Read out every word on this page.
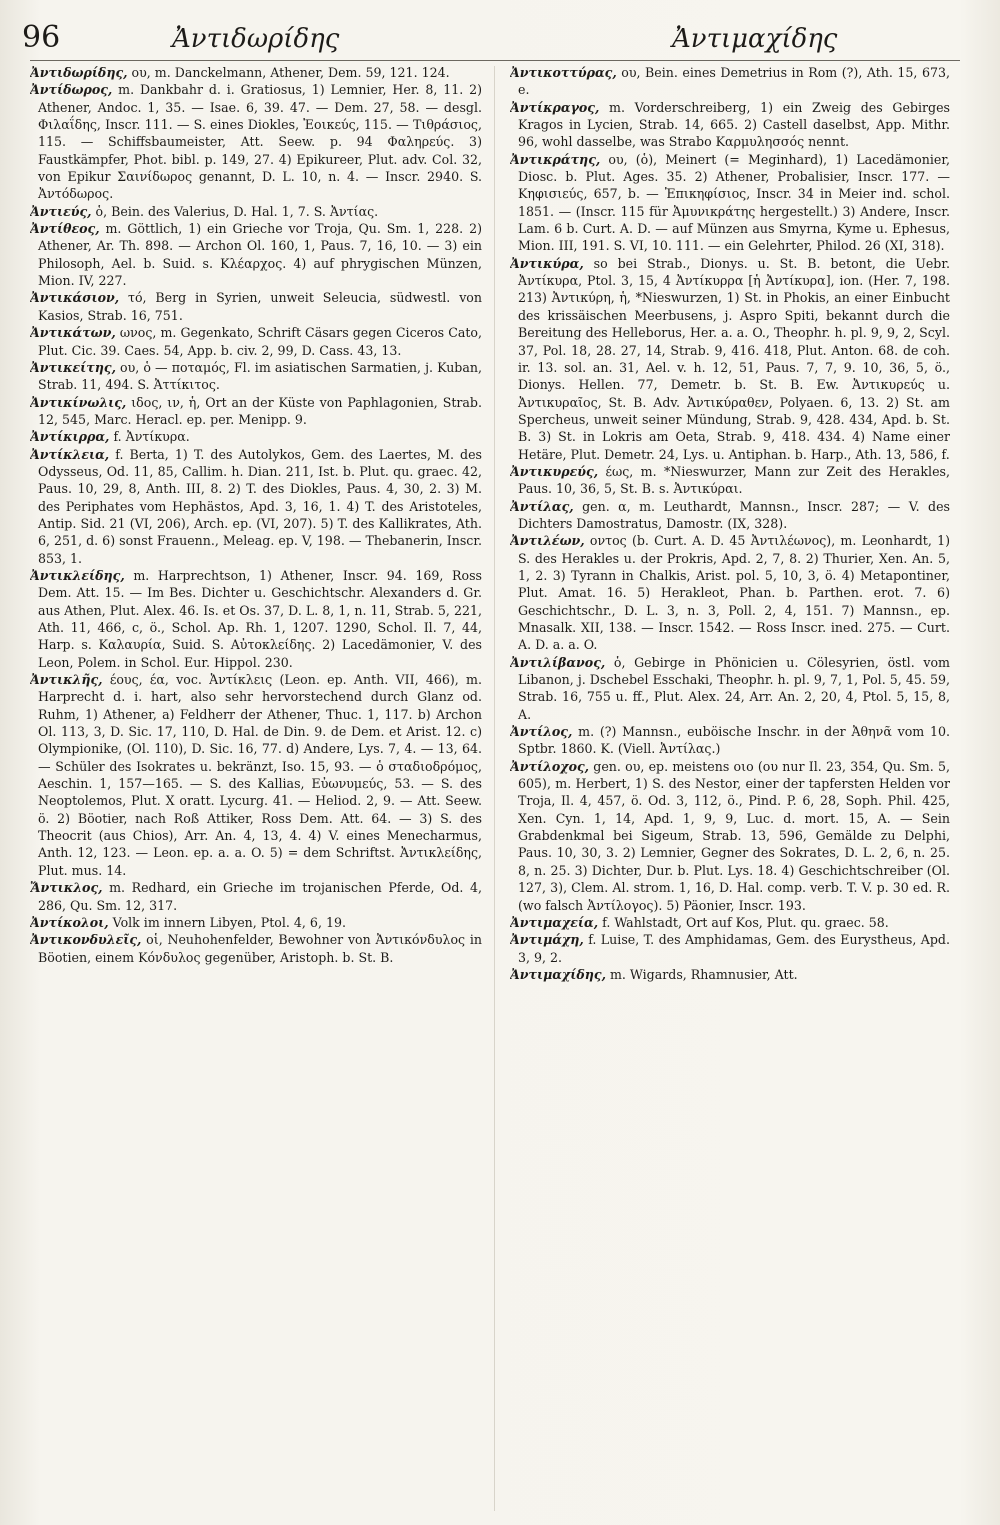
96	Ἀντιδωρίδης	Ἀντιμαχίδης

Ἀντιδωρίδης, ου, m. Danckelmann, Athener, Dem. 59, 121. 124.

Ἀντίδωρος, m. Dankbahr d. i. Gratiosus, 1) Lemnier, Her. 8, 11. 2) Athener, Andoc. 1, 35. — Isae. 6, 39. 47. — Dem. 27, 58. — desgl. Φιλαΐδης, Inscr. 111. — S. eines Diokles, Ἐοικεύς, 115. — Τιθράσιος, 115. — Schiffsbaumeister, Att. Seew. p. 94 Φαληρεύς. 3) Faustkämpfer, Phot. bibl. p. 149, 27. 4) Epikureer, Plut. adv. Col. 32, von Epikur Σαινίδωρος genannt, D. L. 10, n. 4. — Inscr. 2940. S. Ἀντόδωρος.

Ἀντιεύς, ὁ, Bein. des Valerius, D. Hal. 1, 7. S. Ἀντίας.

Ἀντίθεος, m. Göttlich, 1) ein Grieche vor Troja, Qu. Sm. 1, 228. 2) Athener, Ar. Th. 898. — Archon Ol. 160, 1, Paus. 7, 16, 10. — 3) ein Philosoph, Ael. b. Suid. s. Κλέαρχος. 4) auf phrygischen Münzen, Mion. IV, 227.

Ἀντικάσιον, τό, Berg in Syrien, unweit Seleucia, südwestl. von Kasios, Strab. 16, 751.

Ἀντικάτων, ωνος, m. Gegenkato, Schrift Cäsars gegen Ciceros Cato, Plut. Cic. 39. Caes. 54, App. b. civ. 2, 99, D. Cass. 43, 13.

Ἀντικείτης, ου, ὁ — ποταμός, Fl. im asiatischen Sarmatien, j. Kuban, Strab. 11, 494. S. Ἀττίκιτος.

Ἀντικίνωλις, ιδος, ιν, ἡ, Ort an der Küste von Paphlagonien, Strab. 12, 545, Marc. Heracl. ep. per. Menipp. 9.

Ἀντίκιρρα, f. Ἀντίκυρα.

Ἀντίκλεια, f. Berta, 1) T. des Autolykos, Gem. des Laertes, M. des Odysseus, Od. 11, 85, Callim. h. Dian. 211, Ist. b. Plut. qu. graec. 42, Paus. 10, 29, 8, Anth. III, 8. 2) T. des Diokles, Paus. 4, 30, 2. 3) M. des Periphates vom Hephästos, Apd. 3, 16, 1. 4) T. des Aristoteles, Antip. Sid. 21 (VI, 206), Arch. ep. (VI, 207). 5) T. des Kallikrates, Ath. 6, 251, d. 6) sonst Frauenn., Meleag. ep. V, 198. — Thebanerin, Inscr. 853, 1.

Ἀντικλείδης, m. Harprechtson, 1) Athener, Inscr. 94. 169, Ross Dem. Att. 15. — Im Bes. Dichter u. Geschichtschr. Alexanders d. Gr. aus Athen, Plut. Alex. 46. Is. et Os. 37, D. L. 8, 1, n. 11, Strab. 5, 221, Ath. 11, 466, c, ö., Schol. Ap. Rh. 1, 1207. 1290, Schol. Il. 7, 44, Harp. s. Καλαυρία, Suid. S. Αὐτοκλείδης. 2) Lacedämonier, V. des Leon, Polem. in Schol. Eur. Hippol. 230.

Ἀντικλῆς, έους, έα, voc. Ἀντίκλεις (Leon. ep. Anth. VII, 466), m. Harprecht d. i. hart, also sehr hervorstechend durch Glanz od. Ruhm, 1) Athener, a) Feldherr der Athener, Thuc. 1, 117. b) Archon Ol. 113, 3, D. Sic. 17, 110, D. Hal. de Din. 9. de Dem. et Arist. 12. c) Olympionike, (Ol. 110), D. Sic. 16, 77. d) Andere, Lys. 7, 4. — 13, 64. — Schüler des Isokrates u. bekränzt, Iso. 15, 93. — ὁ σταδιοδρόμος, Aeschin. 1, 157—165. — S. des Kallias, Εὐωνυμεύς, 53. — S. des Neoptolemos, Plut. X oratt. Lycurg. 41. — Heliod. 2, 9. — Att. Seew. ö. 2) Böotier, nach Roß Attiker, Ross Dem. Att. 64. — 3) S. des Theocrit (aus Chios), Arr. An. 4, 13, 4. 4) V. eines Menecharmus, Anth. 12, 123. — Leon. ep. a. a. O. 5) = dem Schriftst. Ἀντικλείδης, Plut. mus. 14.

Ἄντικλος, m. Redhard, ein Grieche im trojanischen Pferde, Od. 4, 286, Qu. Sm. 12, 317.

Ἀντίκολοι, Volk im innern Libyen, Ptol. 4, 6, 19.

Ἀντικονδυλεῖς, οἱ, Neuhohenfelder, Bewohner von Ἀντικόνδυλος in Böotien, einem Κόνδυλος gegenüber, Aristoph. b. St. B.

Ἀντικοττύρας, ου, Bein. eines Demetrius in Rom (?), Ath. 15, 673, e.

Ἀντίκραγος, m. Vorderschreiberg, 1) ein Zweig des Gebirges Kragos in Lycien, Strab. 14, 665. 2) Castell daselbst, App. Mithr. 96, wohl dasselbe, was Strabo Καρμυλησσός nennt.

Ἀντικράτης, ου, (ὁ), Meinert (= Meginhard), 1) Lacedämonier, Diosc. b. Plut. Ages. 35. 2) Athener, Probalisier, Inscr. 177. — Κηφισιεύς, 657, b. — Ἐπικηφίσιος, Inscr. 34 in Meier ind. schol. 1851. — (Inscr. 115 für Ἀμυνικράτης hergestellt.) 3) Andere, Inscr. Lam. 6 b. Curt. A. D. — auf Münzen aus Smyrna, Kyme u. Ephesus, Mion. III, 191. S. VI, 10. 111. — ein Gelehrter, Philod. 26 (XI, 318).

Ἀντικύρα, so bei Strab., Dionys. u. St. B. betont, die Uebr. Ἀντίκυρα, Ptol. 3, 15, 4 Ἀντίκυρρα [ἡ Ἀντίκυρα], ion. (Her. 7, 198. 213) Ἀντικύρη, ἡ, *Nieswurzen, 1) St. in Phokis, an einer Einbucht des krissäischen Meerbusens, j. Aspro Spiti, bekannt durch die Bereitung des Helleborus, Her. a. a. O., Theophr. h. pl. 9, 9, 2, Scyl. 37, Pol. 18, 28. 27, 14, Strab. 9, 416. 418, Plut. Anton. 68. de coh. ir. 13. sol. an. 31, Ael. v. h. 12, 51, Paus. 7, 7, 9. 10, 36, 5, ö., Dionys. Hellen. 77, Demetr. b. St. B. Ew. Ἀντικυρεύς u. Ἀντικυραῖος, St. B. Adv. Ἀντικύραθεν, Polyaen. 6, 13. 2) St. am Spercheus, unweit seiner Mündung, Strab. 9, 428. 434, Apd. b. St. B. 3) St. in Lokris am Oeta, Strab. 9, 418. 434. 4) Name einer Hetäre, Plut. Demetr. 24, Lys. u. Antiphan. b. Harp., Ath. 13, 586, f.

Ἀντικυρεύς, έως, m. *Nieswurzer, Mann zur Zeit des Herakles, Paus. 10, 36, 5, St. B. s. Ἀντικύραι.

Ἀντίλας, gen. α, m. Leuthardt, Mannsn., Inscr. 287; — V. des Dichters Damostratus, Damostr. (IX, 328).

Ἀντιλέων, οντος (b. Curt. A. D. 45 Ἀντιλέωνος), m. Leonhardt, 1) S. des Herakles u. der Prokris, Apd. 2, 7, 8. 2) Thurier, Xen. An. 5, 1, 2. 3) Tyrann in Chalkis, Arist. pol. 5, 10, 3, ö. 4) Metapontiner, Plut. Amat. 16. 5) Herakleot, Phan. b. Parthen. erot. 7. 6) Geschichtschr., D. L. 3, n. 3, Poll. 2, 4, 151. 7) Mannsn., ep. Mnasalk. XII, 138. — Inscr. 1542. — Ross Inscr. ined. 275. — Curt. A. D. a. a. O.

Ἀντιλίβανος, ὁ, Gebirge in Phönicien u. Cölesyrien, östl. vom Libanon, j. Dschebel Esschaki, Theophr. h. pl. 9, 7, 1, Pol. 5, 45. 59, Strab. 16, 755 u. ff., Plut. Alex. 24, Arr. An. 2, 20, 4, Ptol. 5, 15, 8, A.

Ἀντίλος, m. (?) Mannsn., euböische Inschr. in der Ἀθηνᾶ vom 10. Sptbr. 1860. K. (Viell. Ἀντίλας.)

Ἀντίλοχος, gen. ου, ep. meistens οιο (ου nur Il. 23, 354, Qu. Sm. 5, 605), m. Herbert, 1) S. des Nestor, einer der tapfersten Helden vor Troja, Il. 4, 457, ö. Od. 3, 112, ö., Pind. P. 6, 28, Soph. Phil. 425, Xen. Cyn. 1, 14, Apd. 1, 9, 9, Luc. d. mort. 15, A. — Sein Grabdenkmal bei Sigeum, Strab. 13, 596, Gemälde zu Delphi, Paus. 10, 30, 3. 2) Lemnier, Gegner des Sokrates, D. L. 2, 6, n. 25. 8, n. 25. 3) Dichter, Dur. b. Plut. Lys. 18. 4) Geschichtschreiber (Ol. 127, 3), Clem. Al. strom. 1, 16, D. Hal. comp. verb. T. V. p. 30 ed. R. (wo falsch Ἀντίλογος). 5) Päonier, Inscr. 193.

Ἀντιμαχεία, f. Wahlstadt, Ort auf Kos, Plut. qu. graec. 58.

Ἀντιμάχη, f. Luise, T. des Amphidamas, Gem. des Eurystheus, Apd. 3, 9, 2.

Ἀντιμαχίδης, m. Wigards, Rhamnusier, Att.
